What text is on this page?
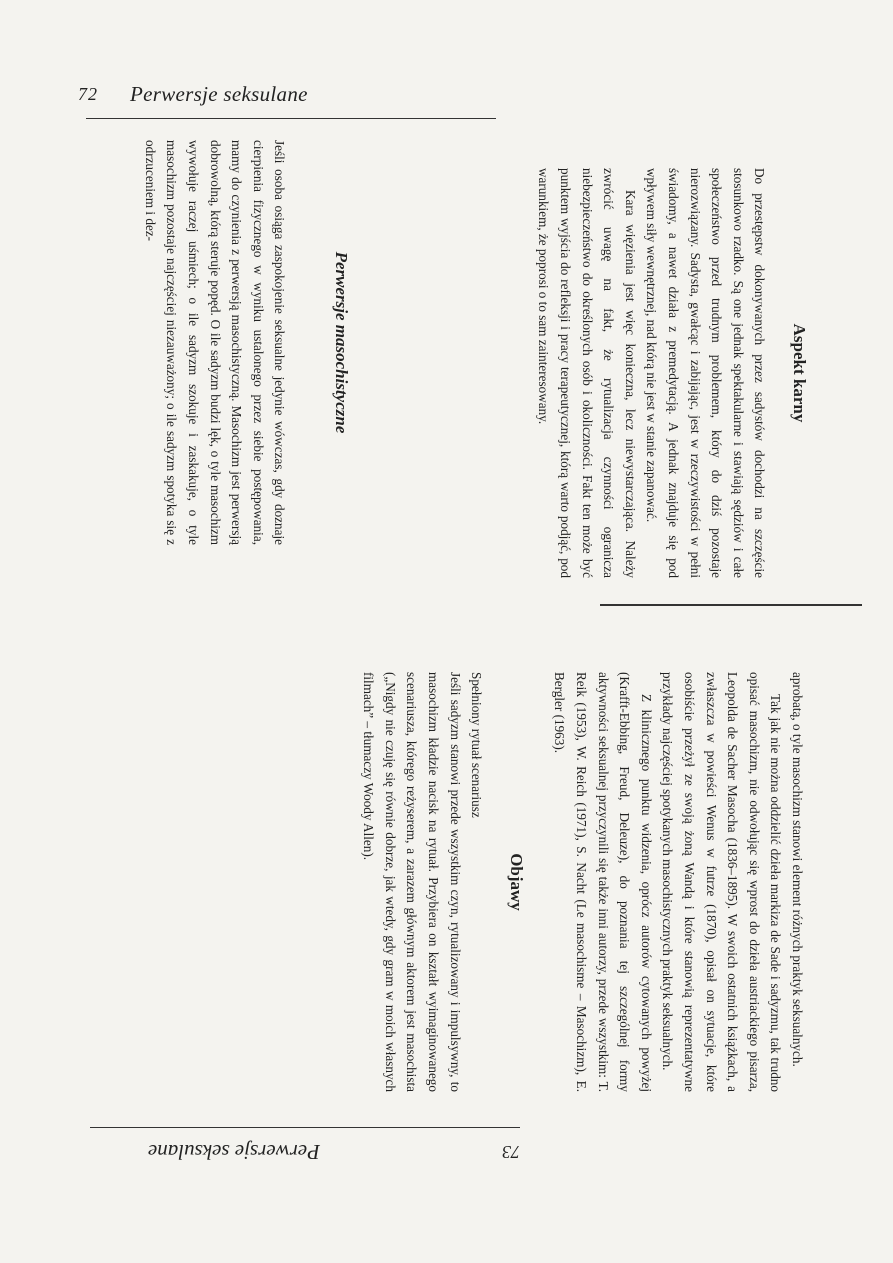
72 Perwersje seksulane
Aspekt karny

Do przestępstw dokonywanych przez sadystów dochodzi na szczęście stosunkowo rzadko. Są one jednak spektakularne i stawiają sędziów i całe społeczeństwo przed trudnym problemem, który do dziś pozostaje nierozwiązany. Sadysta, gwałcąc i zabijając, jest w rzeczywistości w pełni świadomy, a nawet działa z premedytacją. A jednak znajduje się pod wpływem siły wewnętrznej, nad którą nie jest w stanie zapanować.

Kara więzienia jest więc konieczna, lecz niewystarczająca. Należy zwrócić uwagę na fakt, że rytualizacja czynności ogranicza niebezpieczeństwo do określonych osób i okoliczności. Fakt ten może być punktem wyjścia do refleksji i pracy terapeutycznej, którą warto podjąć, pod warunkiem, że poprosi o to sam zainteresowany.

Perwersje masochistyczne

Jeśli osoba osiąga zaspokojenie seksualne jedynie wówczas, gdy doznaje cierpienia fizycznego w wyniku ustalonego przez siebie postępowania, mamy do czynienia z perwersją masochistyczną. Masochizm jest perwersją dobrowolną, którą steruje popęd. O ile sadyzm budzi lęk, o tyle masochizm wywołuje raczej uśmiech; o ile sadyzm szokuje i zaskakuje, o tyle masochizm pozostaje najczęściej niezauważony; o ile sadyzm spotyka się z odrzuceniem i dez-

aprobatą, o tyle masochizm stanowi element różnych praktyk seksualnych.

Tak jak nie można oddzielić dzieła markiza de Sade i sadyzmu, tak trudno opisać masochizm, nie odwołując się wprost do dzieła austriackiego pisarza, Leopolda de Sacher Masocha (1836–1895). W swoich ostatnich książkach, a zwłaszcza w powieści Wenus w futrze (1870), opisał on sytuacje, które osobiście przeżył ze swoją żoną Wandą i które stanowią reprezentatywne przykłady najczęściej spotykanych masochistycznych praktyk seksualnych.

Z klinicznego punktu widzenia, oprócz autorów cytowanych powyżej (Krafft-Ebbing, Freud, Deleuze), do poznania tej szczególnej formy aktywności seksualnej przyczynili się także inni autorzy, przede wszystkim: T. Reik (1953), W. Reich (1971), S. Nacht (Le masochisme – Masochizm), E. Bergler (1963).

Objawy

Spełniony rytuał scenariusz

Jeśli sadyzm stanowi przede wszystkim czyn, rytualizowany i impulsywny, to masochizm kładzie nacisk na rytuał. Przybiera on kształt wyimaginowanego scenariusza, którego reżyserem, a zarazem głównym aktorem jest masochista („Nigdy nie czuję się równie dobrze, jak wtedy, gdy gram w moich własnych filmach” – tłumaczy Woody Allen).

73
Perwersje seksulane
